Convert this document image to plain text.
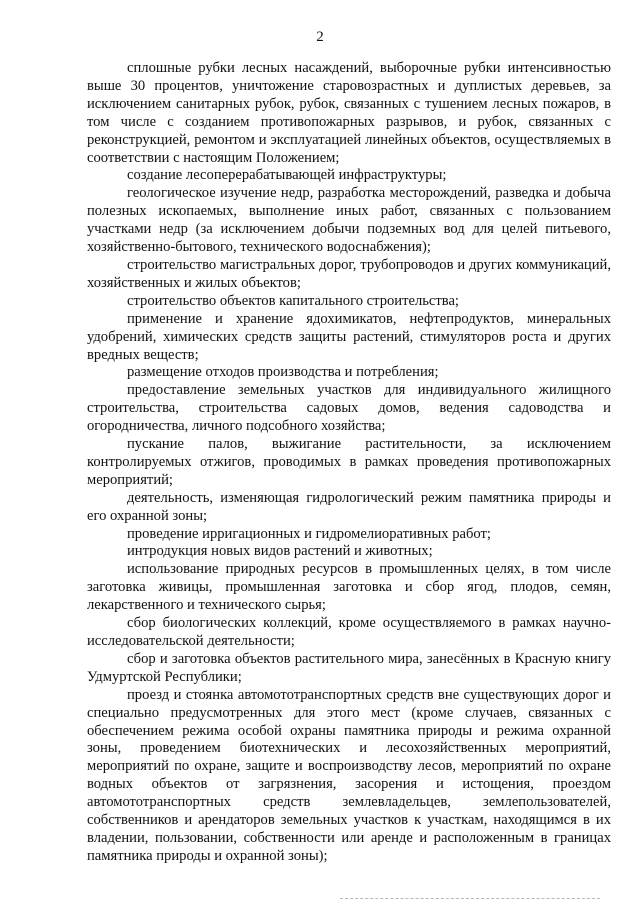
2

сплошные рубки лесных насаждений, выборочные рубки интенсивностью выше 30 процентов, уничтожение старовозрастных и дуплистых деревьев, за исключением санитарных рубок, рубок, связанных с тушением лесных пожаров, в том числе с созданием противопожарных разрывов, и рубок, связанных с реконструкцией, ремонтом и эксплуатацией линейных объектов, осуществляемых в соответствии с настоящим Положением;

создание лесоперерабатывающей инфраструктуры;

геологическое изучение недр, разработка месторождений, разведка и добыча полезных ископаемых, выполнение иных работ, связанных с пользованием участками недр (за исключением добычи подземных вод для целей питьевого, хозяйственно-бытового, технического водоснабжения);

строительство магистральных дорог, трубопроводов и других коммуникаций, хозяйственных и жилых объектов;

строительство объектов капитального строительства;

применение и хранение ядохимикатов, нефтепродуктов, минеральных удобрений, химических средств защиты растений, стимуляторов роста и других вредных веществ;

размещение отходов производства и потребления;

предоставление земельных участков для индивидуального жилищного строительства, строительства садовых домов, ведения садоводства и огородничества, личного подсобного хозяйства;

пускание палов, выжигание растительности, за исключением контролируемых отжигов, проводимых в рамках проведения противопожарных мероприятий;

деятельность, изменяющая гидрологический режим памятника природы и его охранной зоны;

проведение ирригационных и гидромелиоративных работ;

интродукция новых видов растений и животных;

использование природных ресурсов в промышленных целях, в том числе заготовка живицы, промышленная заготовка и сбор ягод, плодов, семян, лекарственного и технического сырья;

сбор биологических коллекций, кроме осуществляемого в рамках научно-исследовательской деятельности;

сбор и заготовка объектов растительного мира, занесённых в Красную книгу Удмуртской Республики;

проезд и стоянка автомототранспортных средств вне существующих дорог и специально предусмотренных для этого мест (кроме случаев, связанных с обеспечением режима особой охраны памятника природы и режима охранной зоны, проведением биотехнических и лесохозяйственных мероприятий, мероприятий по охране, защите и воспроизводству лесов, мероприятий по охране водных объектов от загрязнения, засорения и истощения, проездом автомототранспортных средств землевладельцев, землепользователей, собственников и арендаторов земельных участков к участкам, находящимся в их владении, пользовании, собственности или аренде и расположенным в границах памятника природы и охранной зоны);
